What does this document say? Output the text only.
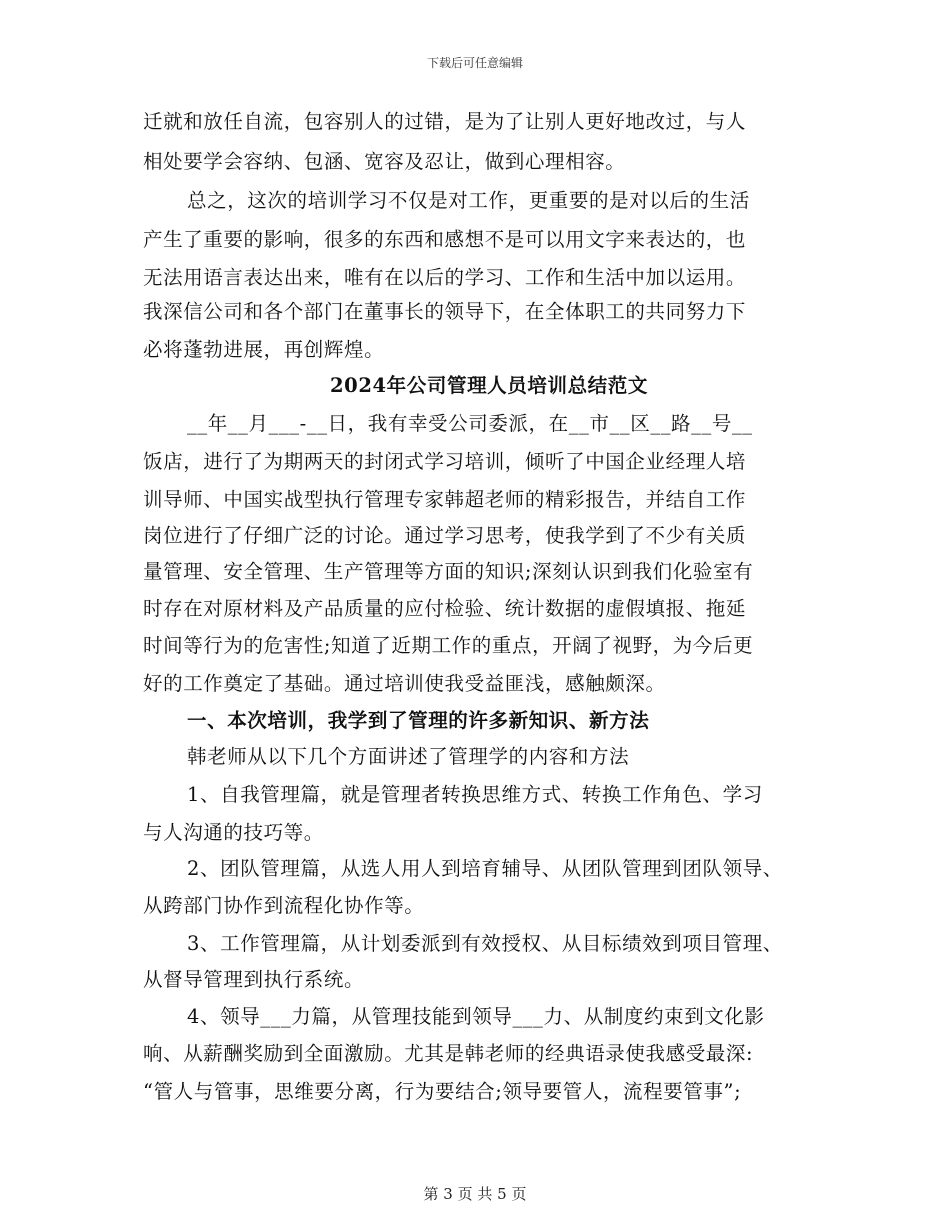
下载后可任意编辑
迁就和放任自流，包容别人的过错，是为了让别人更好地改过，与人
相处要学会容纳、包涵、宽容及忍让，做到心理相容。
总之，这次的培训学习不仅是对工作，更重要的是对以后的生活
产生了重要的影响，很多的东西和感想不是可以用文字来表达的，也
无法用语言表达出来，唯有在以后的学习、工作和生活中加以运用。
我深信公司和各个部门在董事长的领导下，在全体职工的共同努力下
必将蓬勃进展，再创辉煌。
2024年公司管理人员培训总结范文
__年__月___-__日，我有幸受公司委派，在__市__区__路__号__
饭店，进行了为期两天的封闭式学习培训，倾听了中国企业经理人培
训导师、中国实战型执行管理专家韩超老师的精彩报告，并结自工作
岗位进行了仔细广泛的讨论。通过学习思考，使我学到了不少有关质
量管理、安全管理、生产管理等方面的知识;深刻认识到我们化验室有
时存在对原材料及产品质量的应付检验、统计数据的虚假填报、拖延
时间等行为的危害性;知道了近期工作的重点，开阔了视野，为今后更
好的工作奠定了基础。通过培训使我受益匪浅，感触颇深。
一、本次培训，我学到了管理的许多新知识、新方法
韩老师从以下几个方面讲述了管理学的内容和方法
1、自我管理篇，就是管理者转换思维方式、转换工作角色、学习
与人沟通的技巧等。
2、团队管理篇，从选人用人到培育辅导、从团队管理到团队领导、
从跨部门协作到流程化协作等。
3、工作管理篇，从计划委派到有效授权、从目标绩效到项目管理、
从督导管理到执行系统。
4、领导___力篇，从管理技能到领导___力、从制度约束到文化影
响、从薪酬奖励到全面激励。尤其是韩老师的经典语录使我感受最深:
“管人与管事，思维要分离，行为要结合;领导要管人，流程要管事”;
第 3 页 共 5 页
